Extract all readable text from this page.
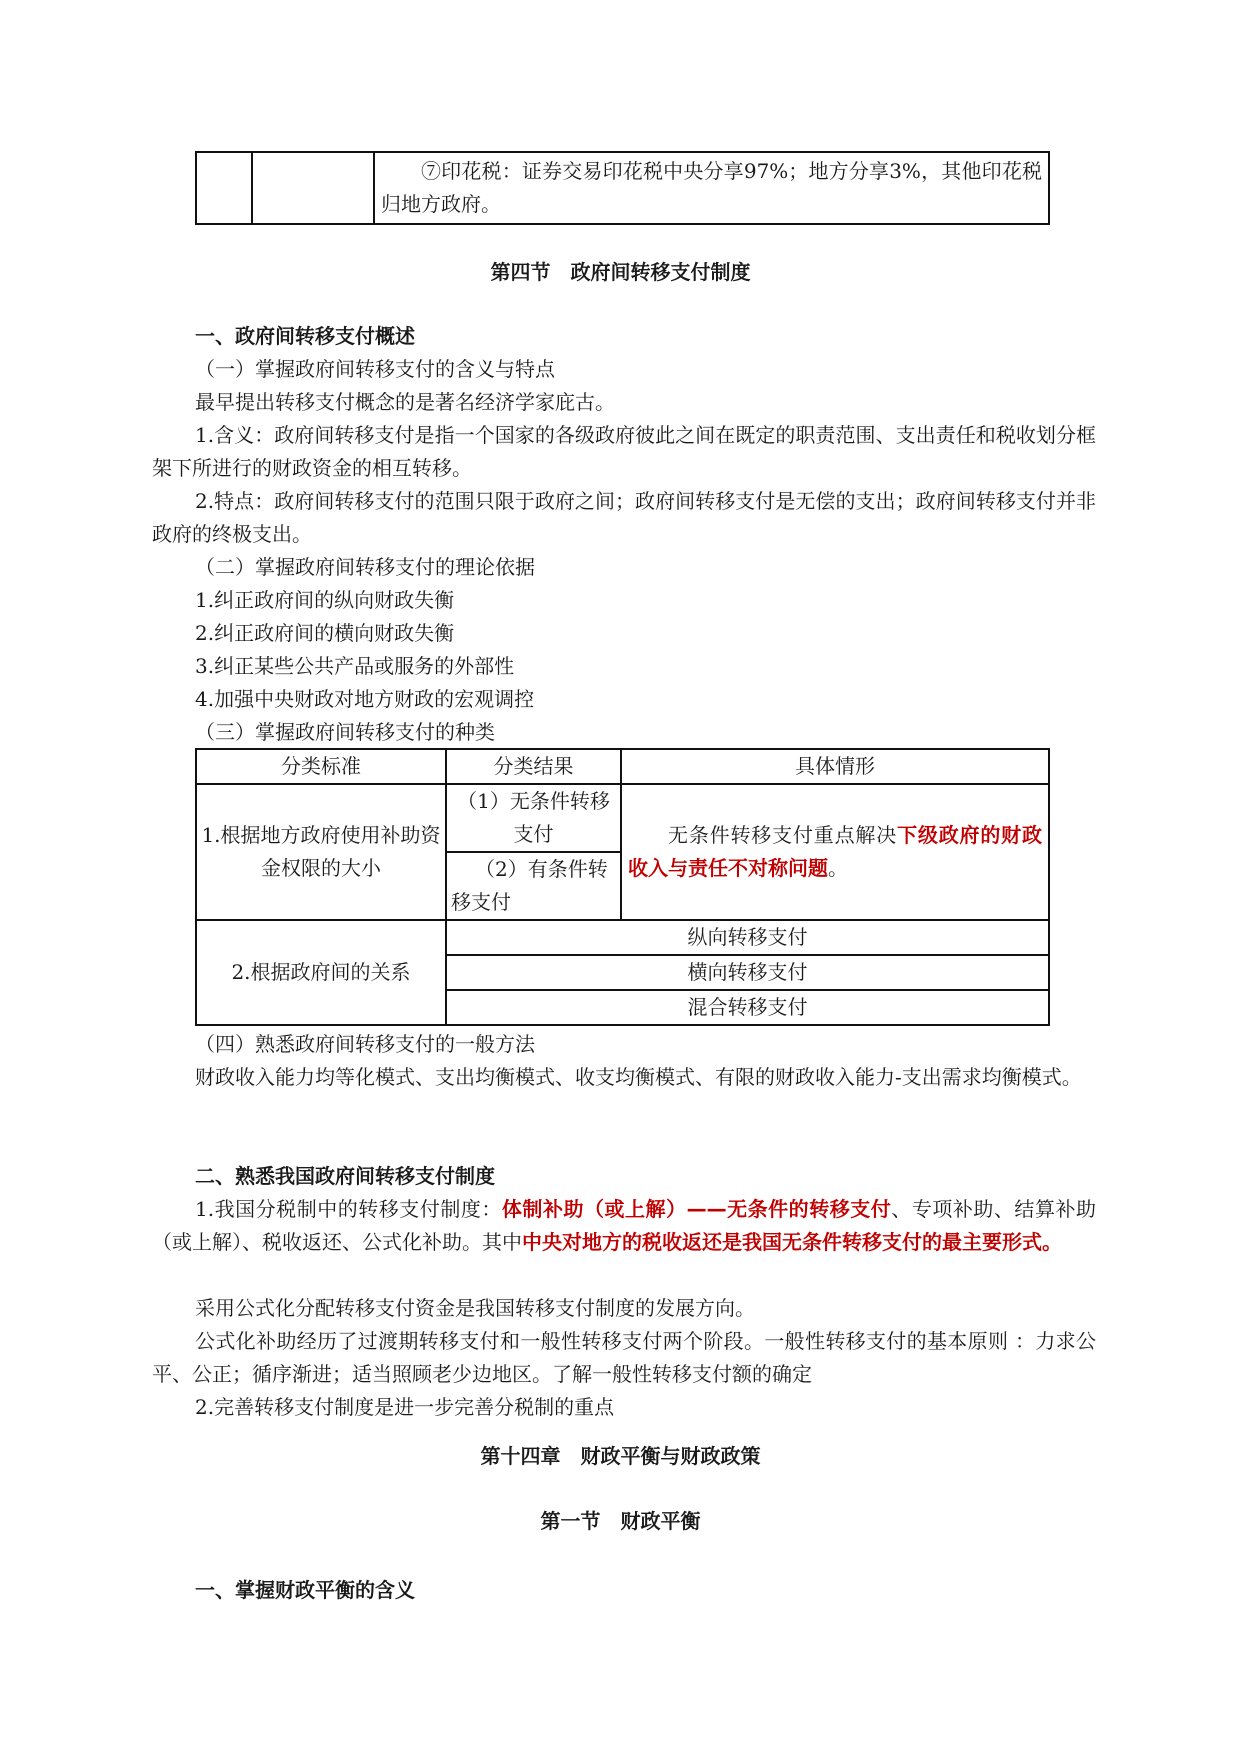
		⑦印花税：证券交易印花税中央分享97%；地方分享3%，其他印花税归地方政府。
第四节　政府间转移支付制度
一、政府间转移支付概述
（一）掌握政府间转移支付的含义与特点
最早提出转移支付概念的是著名经济学家庇古。
1.含义：政府间转移支付是指一个国家的各级政府彼此之间在既定的职责范围、支出责任和税收划分框架下所进行的财政资金的相互转移。
2.特点：政府间转移支付的范围只限于政府之间；政府间转移支付是无偿的支出；政府间转移支付并非政府的终极支出。
（二）掌握政府间转移支付的理论依据
1.纠正政府间的纵向财政失衡
2.纠正政府间的横向财政失衡
3.纠正某些公共产品或服务的外部性
4.加强中央财政对地方财政的宏观调控
（三）掌握政府间转移支付的种类
分类标准	分类结果	具体情形
1.根据地方政府使用补助资金权限的大小	（1）无条件转移支付	无条件转移支付重点解决下级政府的财政收入与责任不对称问题。
	（2）有条件转移支付	
2.根据政府间的关系	纵向转移支付	
	横向转移支付	
	混合转移支付	
（四）熟悉政府间转移支付的一般方法
财政收入能力均等化模式、支出均衡模式、收支均衡模式、有限的财政收入能力-支出需求均衡模式。
二、熟悉我国政府间转移支付制度
1.我国分税制中的转移支付制度：体制补助（或上解）——无条件的转移支付、专项补助、结算补助（或上解）、税收返还、公式化补助。其中中央对地方的税收返还是我国无条件转移支付的最主要形式。
采用公式化分配转移支付资金是我国转移支付制度的发展方向。
公式化补助经历了过渡期转移支付和一般性转移支付两个阶段。一般性转移支付的基本原则 ：力求公平、公正；循序渐进；适当照顾老少边地区。了解一般性转移支付额的确定
2.完善转移支付制度是进一步完善分税制的重点
第十四章　财政平衡与财政政策
第一节　财政平衡
一、掌握财政平衡的含义
